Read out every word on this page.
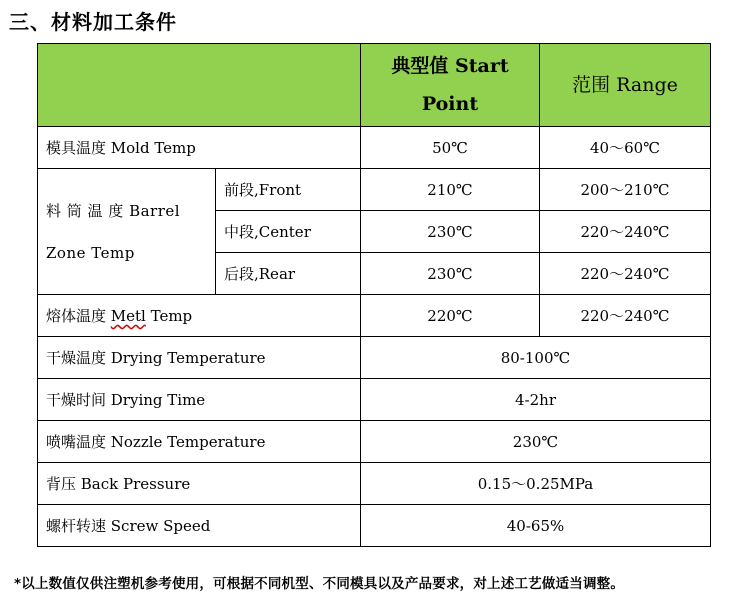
三、材料加工条件
		典型值 Start Point	范围 Range
模具温度 Mold Temp		50℃	40～60℃
料 筒 温 度 Barrel Zone Temp	前段,Front	210℃	200～210℃
	中段,Center	230℃	220～240℃
	后段,Rear	230℃	220～240℃
熔体温度 Metl Temp		220℃	220～240℃
干燥温度 Drying Temperature		80-100℃	
干燥时间 Drying Time		4-2hr	
喷嘴温度 Nozzle Temperature		230℃	
背压 Back Pressure		0.15～0.25MPa	
螺杆转速 Screw Speed		40-65%	
*以上数值仅供注塑机参考使用，可根据不同机型、不同模具以及产品要求，对上述工艺做适当调整。
